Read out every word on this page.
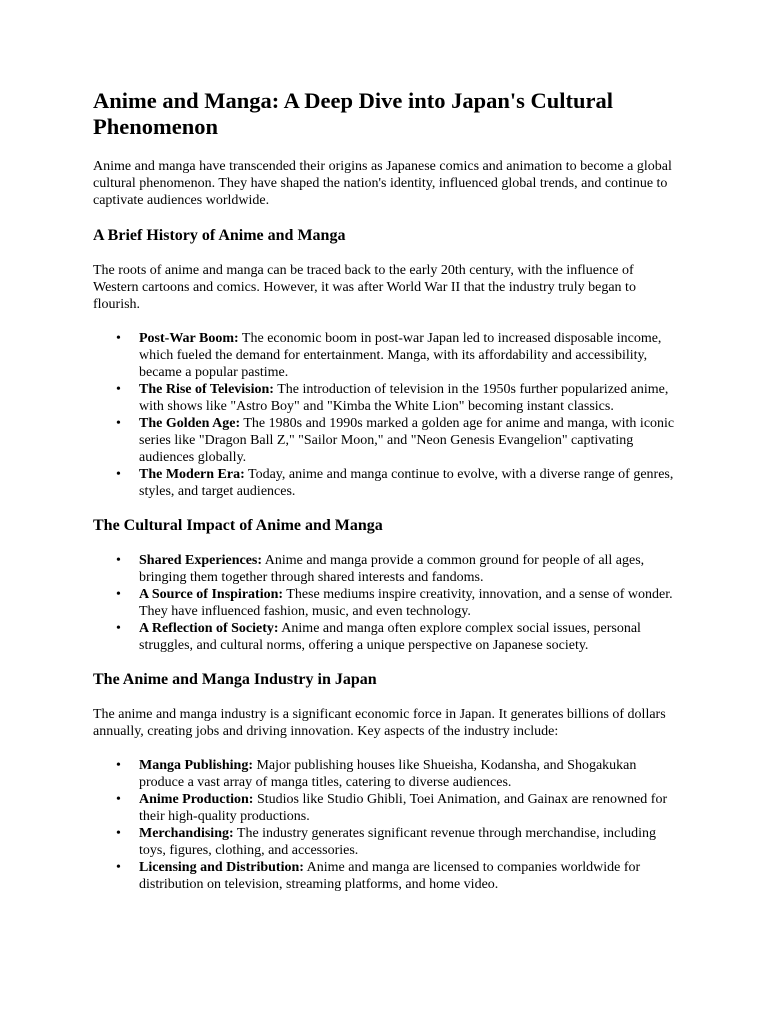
Anime and Manga: A Deep Dive into Japan's Cultural Phenomenon

Anime and manga have transcended their origins as Japanese comics and animation to become a global cultural phenomenon. They have shaped the nation's identity, influenced global trends, and continue to captivate audiences worldwide.

A Brief History of Anime and Manga

The roots of anime and manga can be traced back to the early 20th century, with the influence of Western cartoons and comics. However, it was after World War II that the industry truly began to flourish.

• Post-War Boom: The economic boom in post-war Japan led to increased disposable income, which fueled the demand for entertainment. Manga, with its affordability and accessibility, became a popular pastime.
• The Rise of Television: The introduction of television in the 1950s further popularized anime, with shows like "Astro Boy" and "Kimba the White Lion" becoming instant classics.
• The Golden Age: The 1980s and 1990s marked a golden age for anime and manga, with iconic series like "Dragon Ball Z," "Sailor Moon," and "Neon Genesis Evangelion" captivating audiences globally.
• The Modern Era: Today, anime and manga continue to evolve, with a diverse range of genres, styles, and target audiences.
The Cultural Impact of Anime and Manga
• Shared Experiences: Anime and manga provide a common ground for people of all ages, bringing them together through shared interests and fandoms.
• A Source of Inspiration: These mediums inspire creativity, innovation, and a sense of wonder. They have influenced fashion, music, and even technology.
• A Reflection of Society: Anime and manga often explore complex social issues, personal struggles, and cultural norms, offering a unique perspective on Japanese society.
The Anime and Manga Industry in Japan

The anime and manga industry is a significant economic force in Japan. It generates billions of dollars annually, creating jobs and driving innovation. Key aspects of the industry include:

• Manga Publishing: Major publishing houses like Shueisha, Kodansha, and Shogakukan produce a vast array of manga titles, catering to diverse audiences.
• Anime Production: Studios like Studio Ghibli, Toei Animation, and Gainax are renowned for their high-quality productions.
• Merchandising: The industry generates significant revenue through merchandise, including toys, figures, clothing, and accessories.
• Licensing and Distribution: Anime and manga are licensed to companies worldwide for distribution on television, streaming platforms, and home video.
